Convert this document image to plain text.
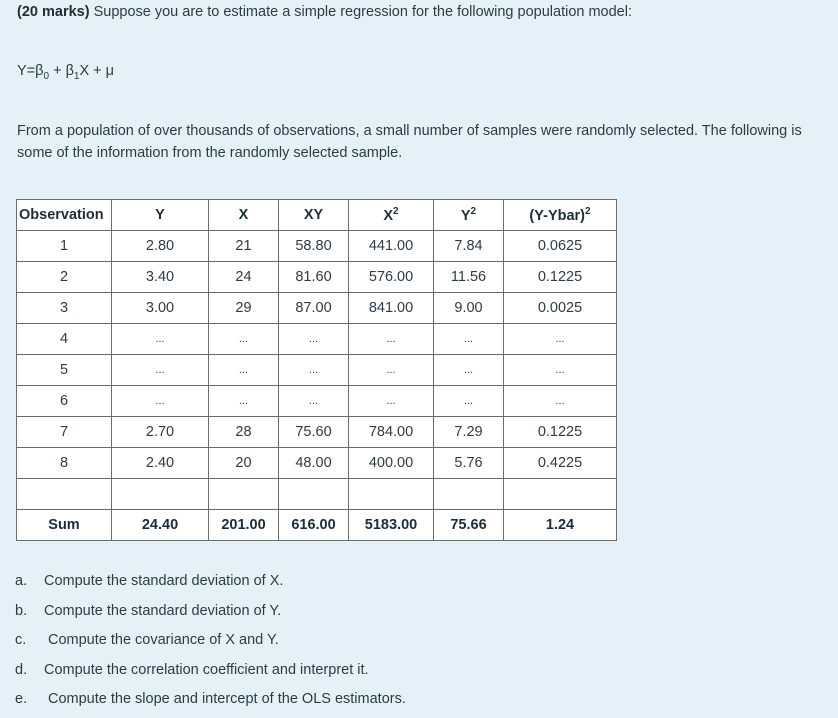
(20 marks) Suppose you are to estimate a simple regression for the following population model:
$Y=\beta_0 + \beta_1X + \mu$
From a population of over thousands of observations, a small number of samples were randomly selected. The following is some of the information from the randomly selected sample.
Observation	Y	X	XY	$X^2$	$Y^2$	(Y-Ybar)$^2$
1	2.80	21	58.80	441.00	7.84	0.0625
2	3.40	24	81.60	576.00	11.56	0.1225
3	3.00	29	87.00	841.00	9.00	0.0025
4	...	...	...	...	...	...
5	...	...	...	...	...	...
6	...	...	...	...	...	...
7	2.70	28	75.60	784.00	7.29	0.1225
8	2.40	20	48.00	400.00	5.76	0.4225

Sum	24.40	201.00	616.00	5183.00	75.66	1.24
a. Compute the standard deviation of X.
b. Compute the standard deviation of Y.
c. Compute the covariance of X and Y.
d. Compute the correlation coefficient and interpret it.
e. Compute the slope and intercept of the OLS estimators.
